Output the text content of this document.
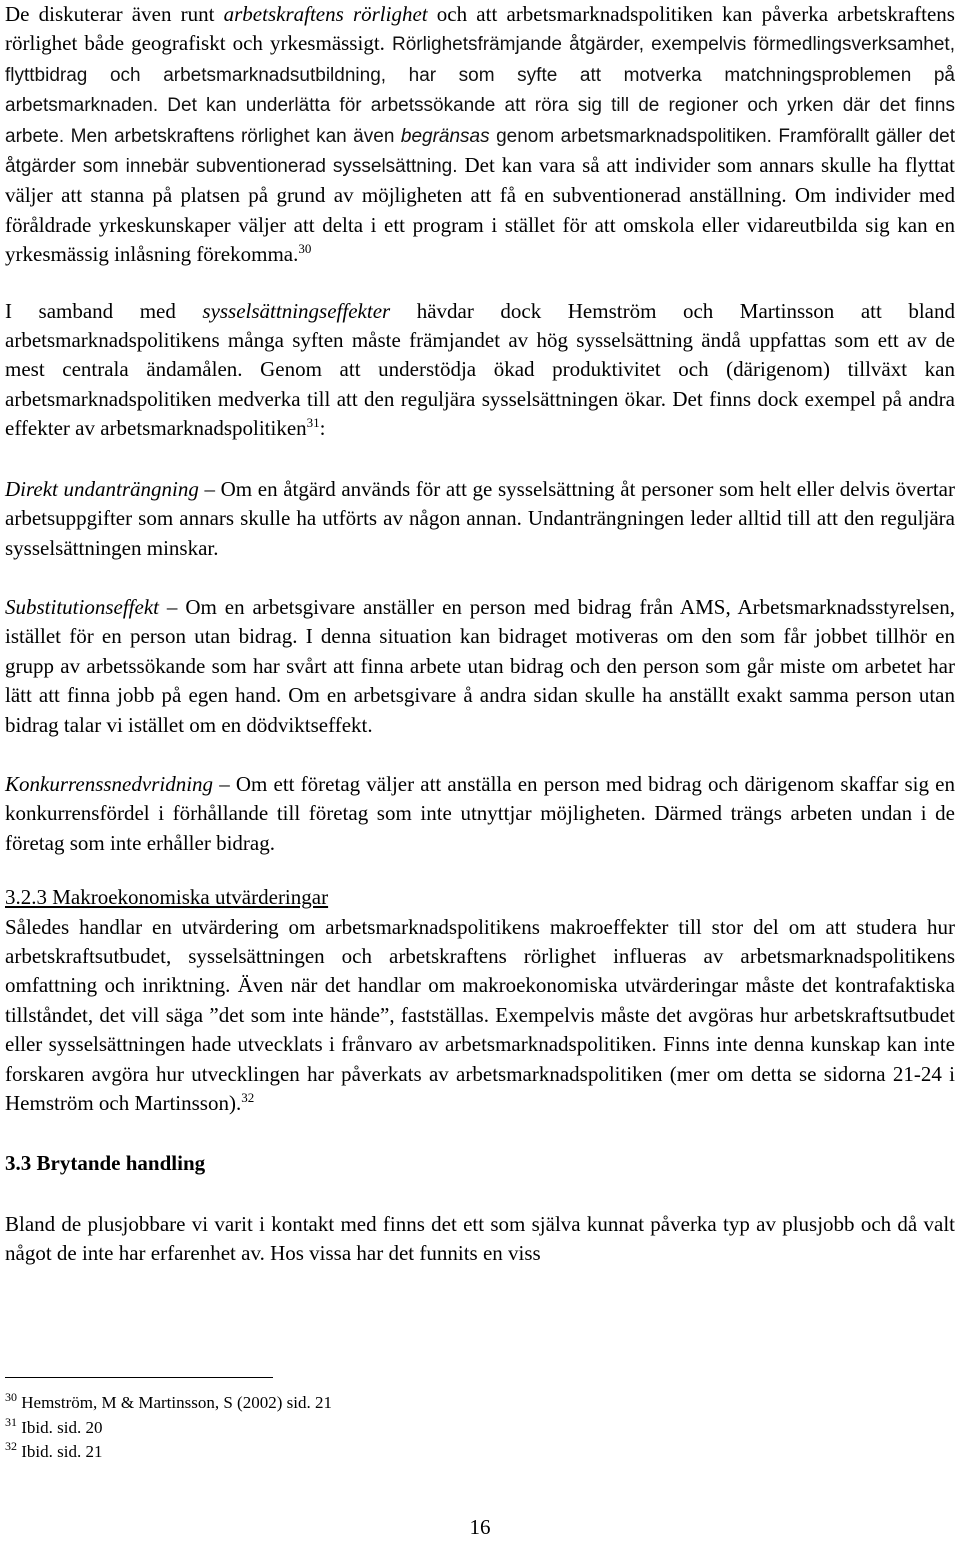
De diskuterar även runt arbetskraftens rörlighet och att arbetsmarknadspolitiken kan påverka arbetskraftens rörlighet både geografiskt och yrkesmässigt. Rörlighetsfrämjande åtgärder, exempelvis förmedlingsverksamhet, flyttbidrag och arbetsmarknadsutbildning, har som syfte att motverka matchningsproblemen på arbetsmarknaden. Det kan underlätta för arbetssökande att röra sig till de regioner och yrken där det finns arbete. Men arbetskraftens rörlighet kan även begränsas genom arbetsmarknadspolitiken. Framförallt gäller det åtgärder som innebär subventionerad sysselsättning. Det kan vara så att individer som annars skulle ha flyttat väljer att stanna på platsen på grund av möjligheten att få en subventionerad anställning. Om individer med föråldrade yrkeskunskaper väljer att delta i ett program i stället för att omskola eller vidareutbilda sig kan en yrkesmässig inlåsning förekomma.$^{30}$

I samband med sysselsättningseffekter hävdar dock Hemström och Martinsson att bland arbetsmarknadspolitikens många syften måste främjandet av hög sysselsättning ändå uppfattas som ett av de mest centrala ändamålen. Genom att understödja ökad produktivitet och (därigenom) tillväxt kan arbetsmarknadspolitiken medverka till att den reguljära sysselsättningen ökar. Det finns dock exempel på andra effekter av arbetsmarknadspolitiken$^{31}$:

Direkt undanträngning – Om en åtgärd används för att ge sysselsättning åt personer som helt eller delvis övertar arbetsuppgifter som annars skulle ha utförts av någon annan. Undanträngningen leder alltid till att den reguljära sysselsättningen minskar.

Substitutionseffekt – Om en arbetsgivare anställer en person med bidrag från AMS, Arbetsmarknadsstyrelsen, istället för en person utan bidrag. I denna situation kan bidraget motiveras om den som får jobbet tillhör en grupp av arbetssökande som har svårt att finna arbete utan bidrag och den person som går miste om arbetet har lätt att finna jobb på egen hand. Om en arbetsgivare å andra sidan skulle ha anställt exakt samma person utan bidrag talar vi istället om en dödviktseffekt.

Konkurrenssnedvridning – Om ett företag väljer att anställa en person med bidrag och därigenom skaffar sig en konkurrensfördel i förhållande till företag som inte utnyttjar möjligheten. Därmed trängs arbeten undan i de företag som inte erhåller bidrag.

3.2.3 Makroekonomiska utvärderingar

Således handlar en utvärdering om arbetsmarknadspolitikens makroeffekter till stor del om att studera hur arbetskraftsutbudet, sysselsättningen och arbetskraftens rörlighet influeras av arbetsmarknadspolitikens omfattning och inriktning. Även när det handlar om makroekonomiska utvärderingar måste det kontrafaktiska tillståndet, det vill säga ”det som inte hände”, fastställas. Exempelvis måste det avgöras hur arbetskraftsutbudet eller sysselsättningen hade utvecklats i frånvaro av arbetsmarknadspolitiken. Finns inte denna kunskap kan inte forskaren avgöra hur utvecklingen har påverkats av arbetsmarknadspolitiken (mer om detta se sidorna 21-24 i Hemström och Martinsson).$^{32}$

3.3 Brytande handling

Bland de plusjobbare vi varit i kontakt med finns det ett som själva kunnat påverka typ av plusjobb och då valt något de inte har erfarenhet av. Hos vissa har det funnits en viss

$^{30}$ Hemström, M & Martinsson, S (2002) sid. 21
$^{31}$ Ibid. sid. 20
$^{32}$ Ibid. sid. 21
16
